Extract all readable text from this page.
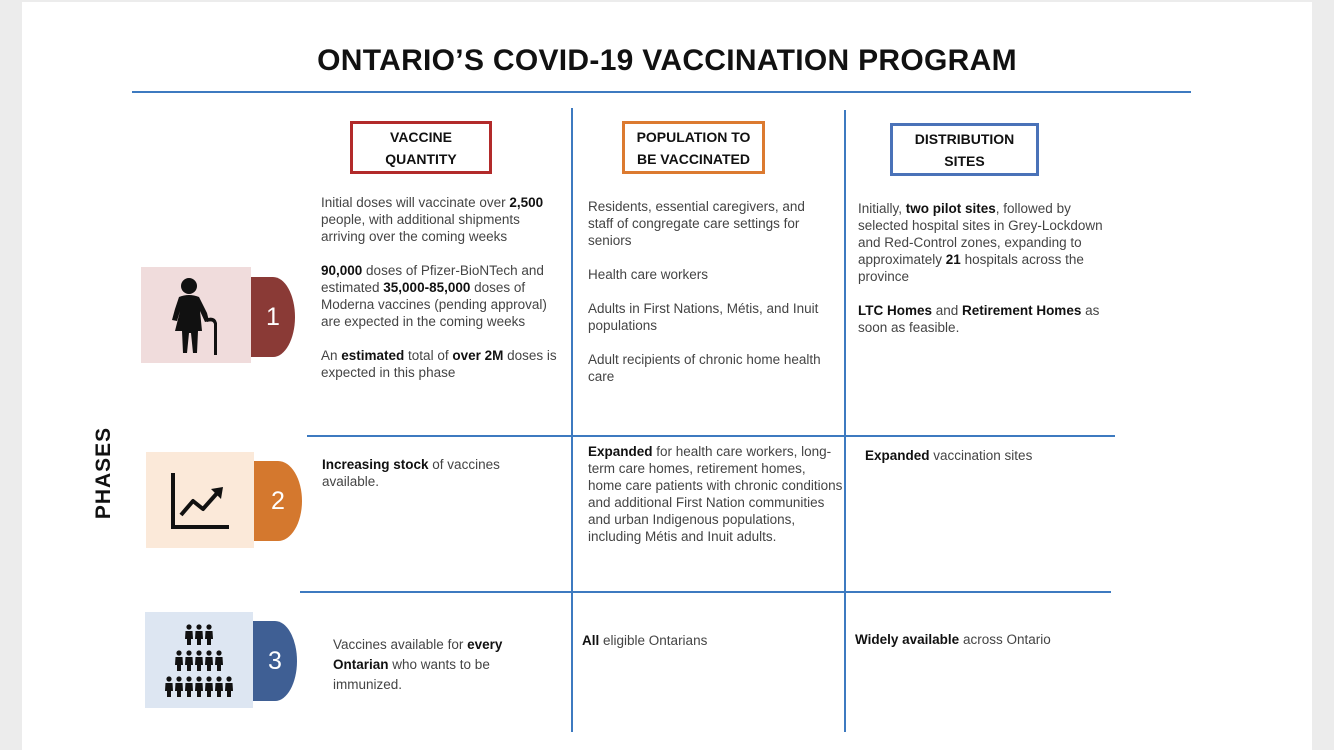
ONTARIO’S COVID-19 VACCINATION PROGRAM
VACCINE
QUANTITY
POPULATION TO
BE VACCINATED
DISTRIBUTION
SITES
PHASES
1

Initial doses will vaccinate over 2,500 people, with additional shipments arriving over the coming weeks

90,000 doses of Pfizer-BioNTech and estimated 35,000-85,000 doses of Moderna vaccines (pending approval) are expected in the coming weeks

An estimated total of over 2M doses is expected in this phase

Residents, essential caregivers, and staff of congregate care settings for seniors

Health care workers

Adults in First Nations, Métis, and Inuit populations

Adult recipients of chronic home health care

Initially, two pilot sites, followed by selected hospital sites in Grey-Lockdown and Red-Control zones, expanding to approximately 21 hospitals across the province

LTC Homes and Retirement Homes as soon as feasible.

2

Increasing stock of vaccines available.

Expanded for health care workers, long-term care homes, retirement homes, home care patients with chronic conditions and additional First Nation communities and urban Indigenous populations, including Métis and Inuit adults.

Expanded vaccination sites

3

Vaccines available for every Ontarian who wants to be immunized.

All eligible Ontarians	Widely available across Ontario
